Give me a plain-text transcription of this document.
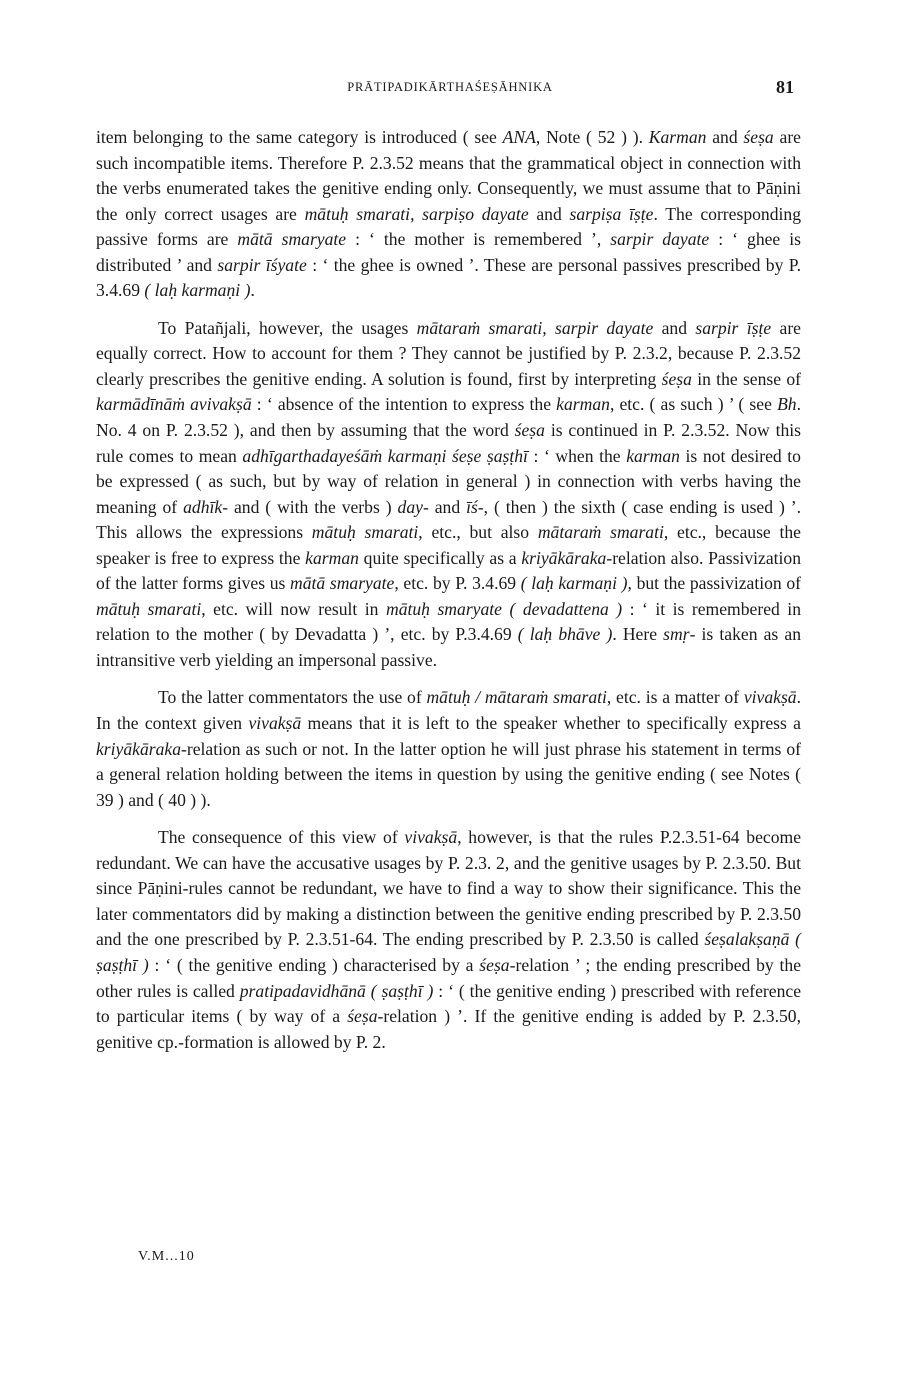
PRĀTIPADIKĀRTHAŚEṢĀHNIKA	81

item belonging to the same category is introduced ( see ANA, Note ( 52 ) ). Karman and śeṣa are such incompatible items. Therefore P. 2.3.52 means that the grammatical object in connection with the verbs enumerated takes the genitive ending only. Consequently, we must assume that to Pāṇini the only correct usages are mātuḥ smarati, sarpiṣo dayate and sarpiṣa īṣṭe. The corresponding passive forms are mātā smaryate : ‘ the mother is remembered ’, sarpir dayate : ‘ ghee is distributed ’ and sarpir īśyate : ‘ the ghee is owned ’. These are personal passives prescribed by P. 3.4.69 ( laḥ karmaṇi ).

To Patañjali, however, the usages mātaraṁ smarati, sarpir dayate and sarpir īṣṭe are equally correct. How to account for them ? They cannot be justified by P. 2.3.2, because P. 2.3.52 clearly prescribes the genitive ending. A solution is found, first by interpreting śeṣa in the sense of karmādīnāṁ avivakṣā : ‘ absence of the intention to express the karman, etc. ( as such ) ’ ( see Bh. No. 4 on P. 2.3.52 ), and then by assuming that the word śeṣa is continued in P. 2.3.52. Now this rule comes to mean adhīgarthadayeśāṁ karmaṇi śeṣe ṣaṣṭhī : ‘ when the karman is not desired to be expressed ( as such, but by way of relation in general ) in connection with verbs having the meaning of adhīk- and ( with the verbs ) day- and īś-, ( then ) the sixth ( case ending is used ) ’. This allows the expressions mātuḥ smarati, etc., but also mātaraṁ smarati, etc., because the speaker is free to express the karman quite specifically as a kriyākāraka-relation also. Passivization of the latter forms gives us mātā smaryate, etc. by P. 3.4.69 ( laḥ karmaṇi ), but the passivization of mātuḥ smarati, etc. will now result in mātuḥ smaryate ( devadattena ) : ‘ it is remembered in relation to the mother ( by Devadatta ) ’, etc. by P.3.4.69 ( laḥ bhāve ). Here smṛ- is taken as an intransitive verb yielding an impersonal passive.

To the latter commentators the use of mātuḥ / mātaraṁ smarati, etc. is a matter of vivakṣā. In the context given vivakṣā means that it is left to the speaker whether to specifically express a kriyākāraka-relation as such or not. In the latter option he will just phrase his statement in terms of a general relation holding between the items in question by using the genitive ending ( see Notes ( 39 ) and ( 40 ) ).

The consequence of this view of vivakṣā, however, is that the rules P.2.3.51-64 become redundant. We can have the accusative usages by P. 2.3. 2, and the genitive usages by P. 2.3.50. But since Pāṇini-rules cannot be redundant, we have to find a way to show their significance. This the later commentators did by making a distinction between the genitive ending prescribed by P. 2.3.50 and the one prescribed by P. 2.3.51-64. The ending prescribed by P. 2.3.50 is called śeṣalakṣaṇā ( ṣaṣṭhī ) : ‘ ( the genitive ending ) characterised by a śeṣa-relation ’ ; the ending prescribed by the other rules is called pratipadavidhānā ( ṣaṣṭhī ) : ‘ ( the genitive ending ) prescribed with reference to particular items ( by way of a śeṣa-relation ) ’. If the genitive ending is added by P. 2.3.50, genitive cp.-formation is allowed by P. 2.

V.M...10
